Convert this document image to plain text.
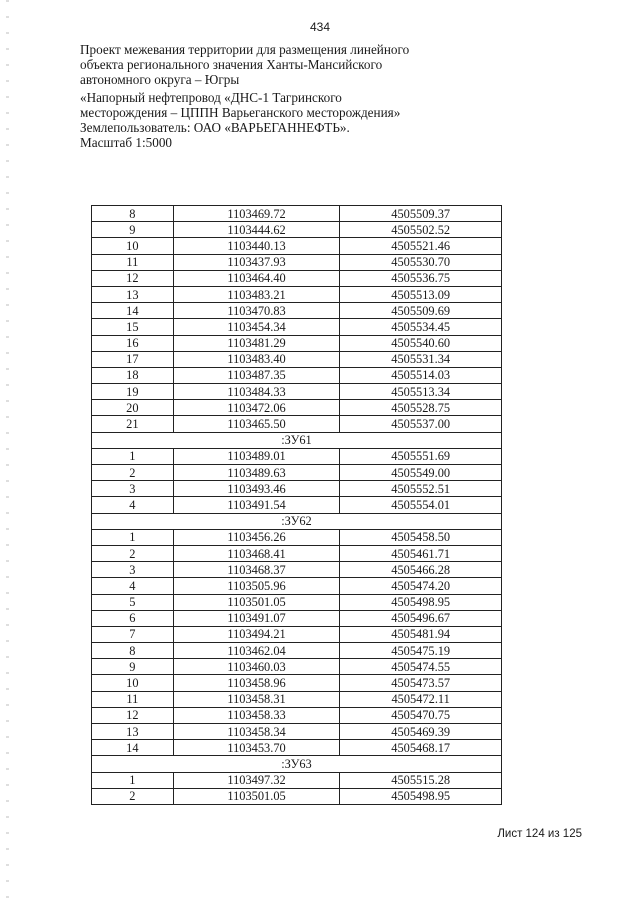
434

Проект межевания территории для размещения линейного объекта регионального значения Ханты-Мансийского автономного округа – Югры

«Напорный нефтепровод «ДНС-1 Тагринского месторождения – ЦППН Варьеганского месторождения»

Землепользователь: ОАО «ВАРЬЕГАННЕФТЬ».

Масштаб 1:5000

8	1103469.72	4505509.37
9	1103444.62	4505502.52
10	1103440.13	4505521.46
11	1103437.93	4505530.70
12	1103464.40	4505536.75
13	1103483.21	4505513.09
14	1103470.83	4505509.69
15	1103454.34	4505534.45
16	1103481.29	4505540.60
17	1103483.40	4505531.34
18	1103487.35	4505514.03
19	1103484.33	4505513.34
20	1103472.06	4505528.75
21	1103465.50	4505537.00
:ЗУ61		
1	1103489.01	4505551.69
2	1103489.63	4505549.00
3	1103493.46	4505552.51
4	1103491.54	4505554.01
:ЗУ62		
1	1103456.26	4505458.50
2	1103468.41	4505461.71
3	1103468.37	4505466.28
4	1103505.96	4505474.20
5	1103501.05	4505498.95
6	1103491.07	4505496.67
7	1103494.21	4505481.94
8	1103462.04	4505475.19
9	1103460.03	4505474.55
10	1103458.96	4505473.57
11	1103458.31	4505472.11
12	1103458.33	4505470.75
13	1103458.34	4505469.39
14	1103453.70	4505468.17
:ЗУ63		
1	1103497.32	4505515.28
2	1103501.05	4505498.95
Лист 124 из 125
